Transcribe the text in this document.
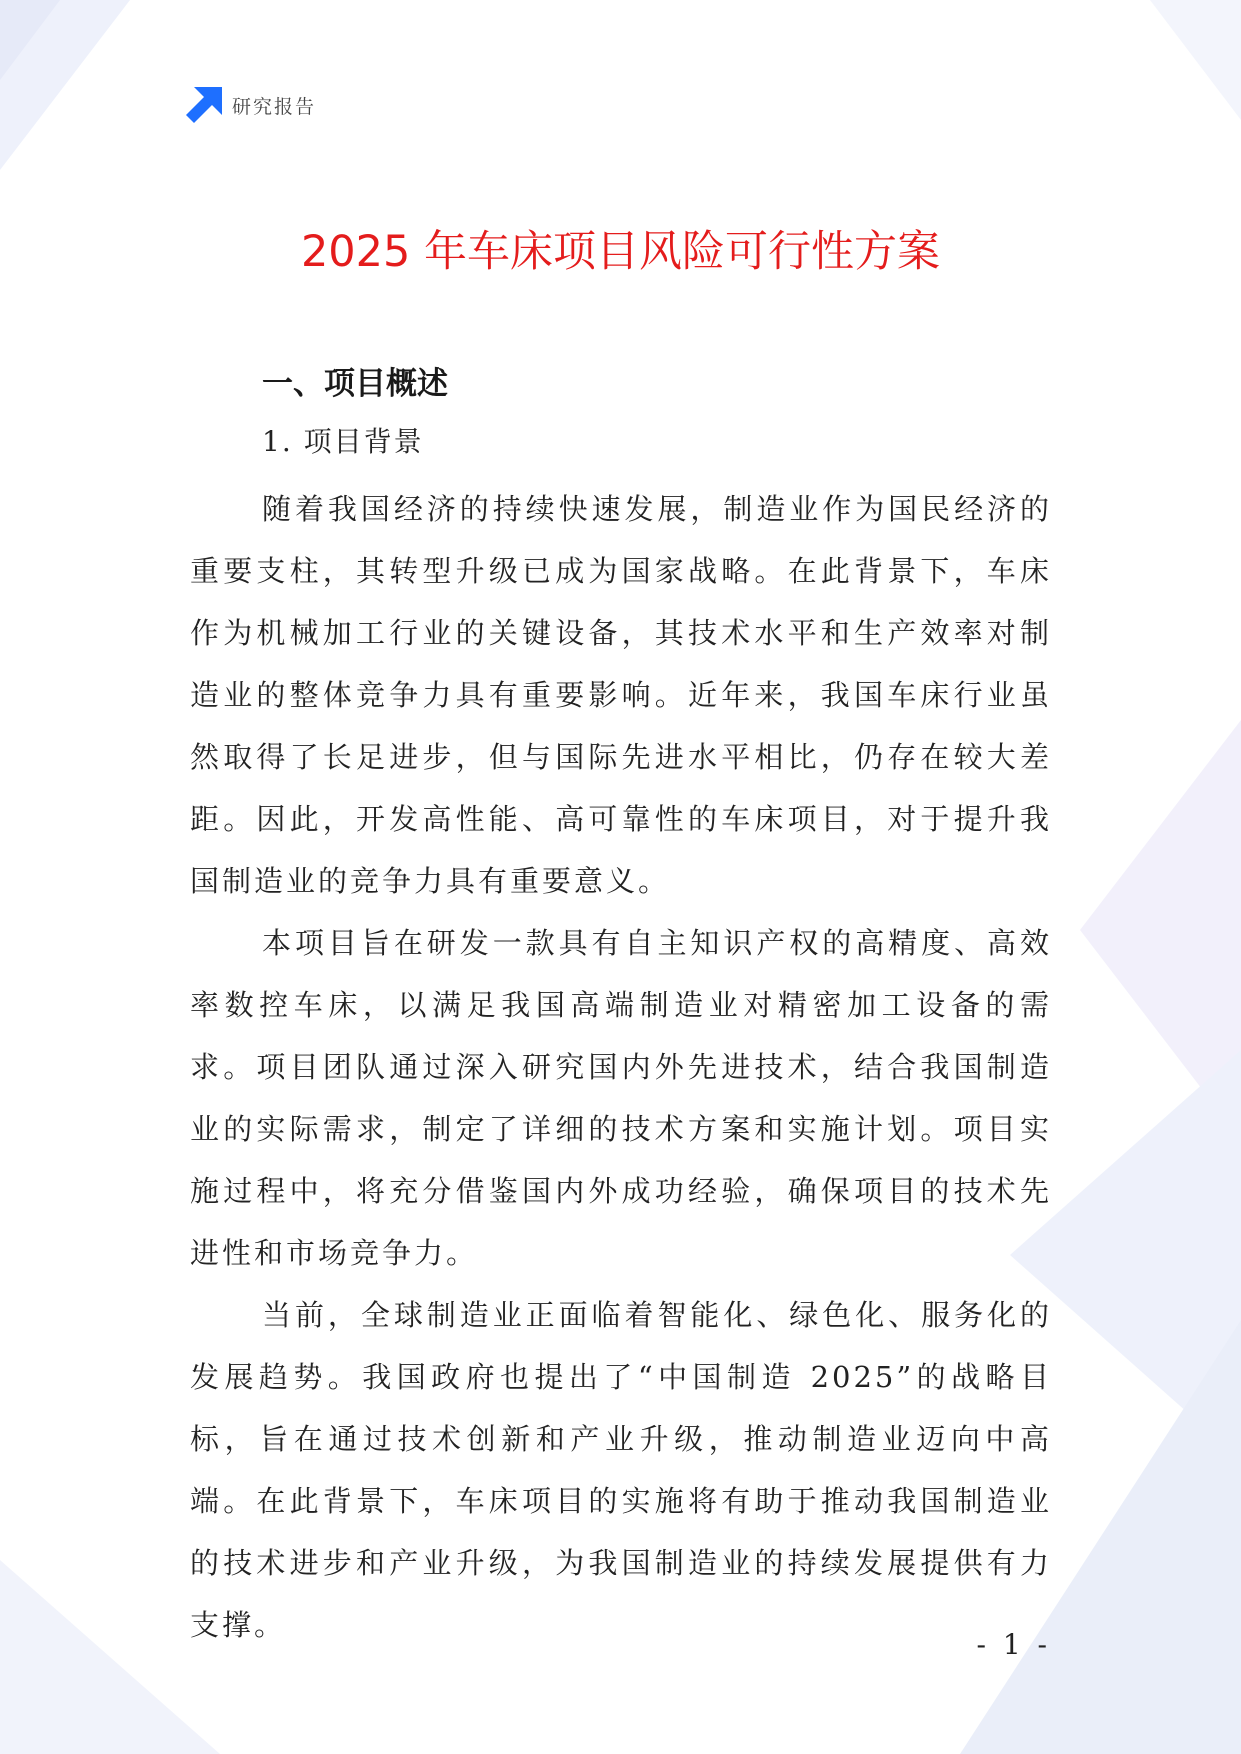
研究报告
2025 年车床项目风险可行性方案
一、项目概述
1. 项目背景

随着我国经济的持续快速发展，制造业作为国民经济的重要支柱，其转型升级已成为国家战略。在此背景下，车床作为机械加工行业的关键设备，其技术水平和生产效率对制造业的整体竞争力具有重要影响。近年来，我国车床行业虽然取得了长足进步，但与国际先进水平相比，仍存在较大差距。因此，开发高性能、高可靠性的车床项目，对于提升我国制造业的竞争力具有重要意义。

本项目旨在研发一款具有自主知识产权的高精度、高效率数控车床，以满足我国高端制造业对精密加工设备的需求。项目团队通过深入研究国内外先进技术，结合我国制造业的实际需求，制定了详细的技术方案和实施计划。项目实施过程中，将充分借鉴国内外成功经验，确保项目的技术先进性和市场竞争力。

当前，全球制造业正面临着智能化、绿色化、服务化的发展趋势。我国政府也提出了“中国制造 2025”的战略目标，旨在通过技术创新和产业升级，推动制造业迈向中高端。在此背景下，车床项目的实施将有助于推动我国制造业的技术进步和产业升级，为我国制造业的持续发展提供有力支撑。

- 1 -
